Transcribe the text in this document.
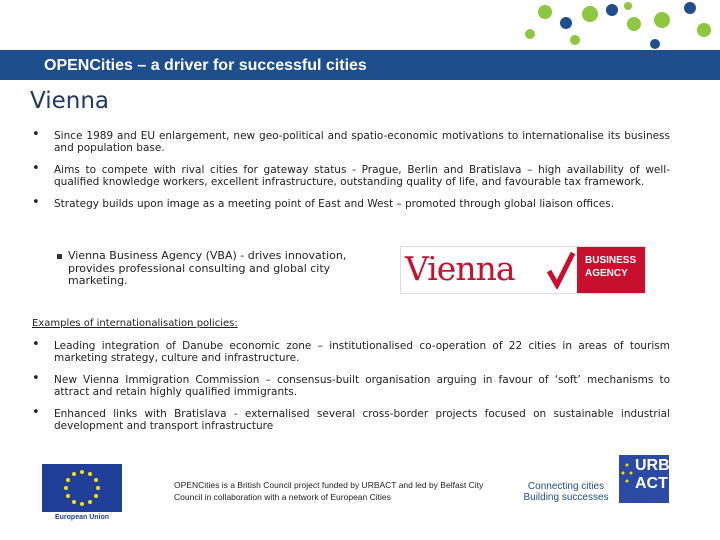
OPENCities – a driver for successful cities
Vienna
• Since 1989 and EU enlargement, new geo-political and spatio-economic motivations to internationalise its business and population base.
• Aims to compete with rival cities for gateway status - Prague, Berlin and Bratislava – high availability of well-qualified knowledge workers, excellent infrastructure, outstanding quality of life, and favourable tax framework.
• Strategy builds upon image as a meeting point of East and West – promoted through global liaison offices.
Vienna Business Agency (VBA) - drives innovation, provides professional consulting and global city marketing.	Vienna	BUSINESS
AGENCY
Examples of internationalisation policies:
• Leading integration of Danube economic zone – institutionalised co-operation of 22 cities in areas of tourism marketing strategy, culture and infrastructure.
• New Vienna Immigration Commission – consensus-built organisation arguing in favour of ‘soft’ mechanisms to attract and retain highly qualified immigrants.
• Enhanced links with Bratislava - externalised several cross-border projects focused on sustainable industrial development and transport infrastructure
European Union
OPENCities is a British Council project funded by URBACT and led by Belfast City Council in collaboration with a network of European Cities
Connecting cities
Building successes
URB
ACT
